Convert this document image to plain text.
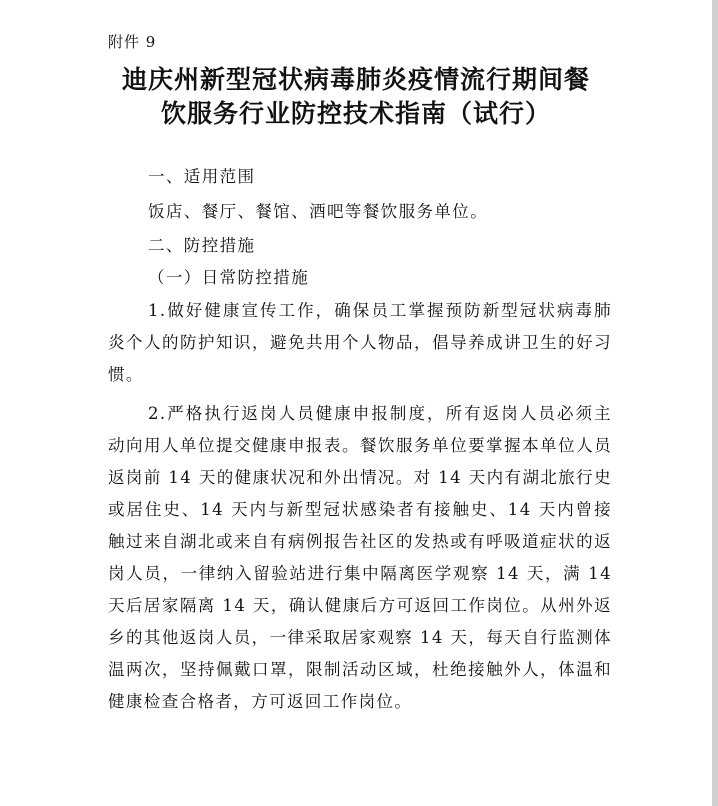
附件 9
迪庆州新型冠状病毒肺炎疫情流行期间餐
饮服务行业防控技术指南（试行）
一、适用范围
饭店、餐厅、餐馆、酒吧等餐饮服务单位。
二、防控措施
（一）日常防控措施
1.做好健康宣传工作，确保员工掌握预防新型冠状病毒肺炎个人的防护知识，避免共用个人物品，倡导养成讲卫生的好习惯。
2.严格执行返岗人员健康申报制度，所有返岗人员必须主动向用人单位提交健康申报表。餐饮服务单位要掌握本单位人员返岗前 14 天的健康状况和外出情况。对 14 天内有湖北旅行史或居住史、14 天内与新型冠状感染者有接触史、14 天内曾接触过来自湖北或来自有病例报告社区的发热或有呼吸道症状的返岗人员，一律纳入留验站进行集中隔离医学观察 14 天，满 14 天后居家隔离 14 天，确认健康后方可返回工作岗位。从州外返乡的其他返岗人员，一律采取居家观察 14 天，每天自行监测体温两次，坚持佩戴口罩，限制活动区域，杜绝接触外人，体温和健康检查合格者，方可返回工作岗位。
